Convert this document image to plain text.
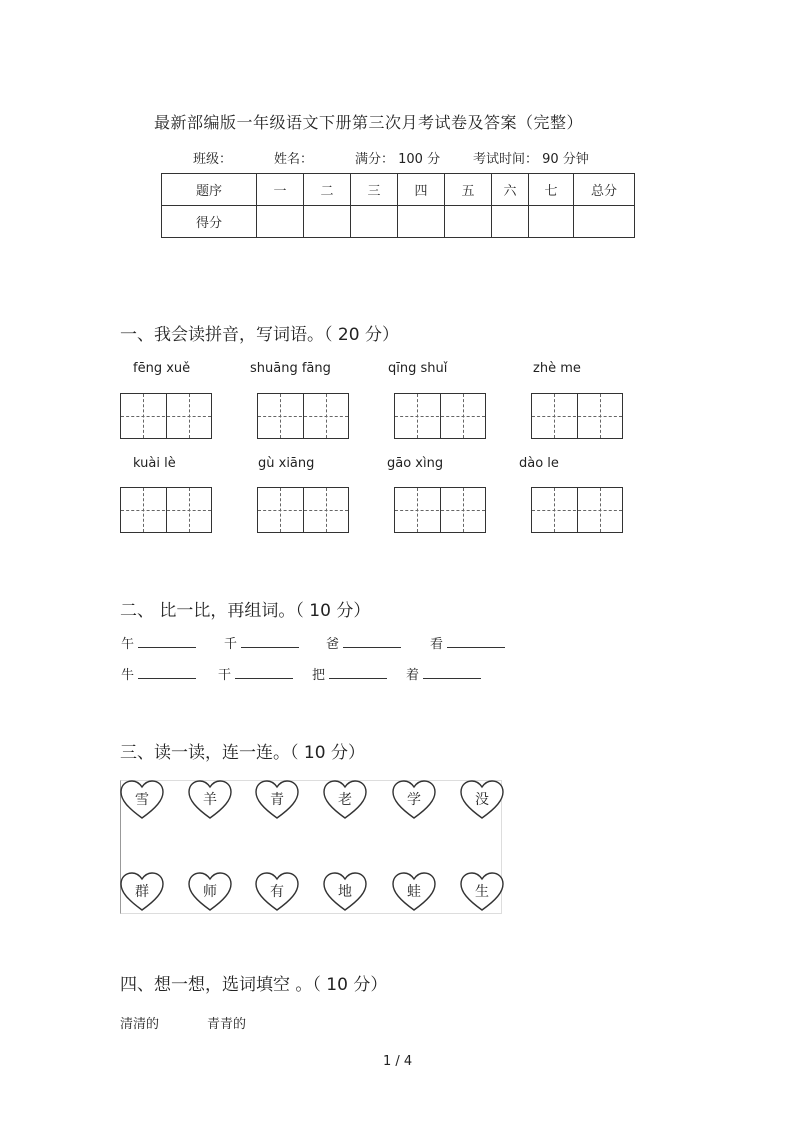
最新部编版一年级语文下册第三次月考试卷及答案（完整）
班级：	姓名：	满分： 100 分	考试时间： 90 分钟
题序	一	二	三	四	五	六	七	总分
得分								
一、我会读拼音，写词语。（ 20 分）
fēng xuě	shuāng fāng	qīng shuǐ	zhè me
kuài lè	gù xiāng	gāo xìng	dào le
二、 比一比，再组词。（ 10 分）
午	千	爸	看
牛	干	把	着
三、读一读，连一连。（ 10 分）
雪	羊	青	老	学	没
群	师	有	地	蛙	生
四、想一想，选词填空 。（ 10 分）
清清的	青青的
1 / 4
